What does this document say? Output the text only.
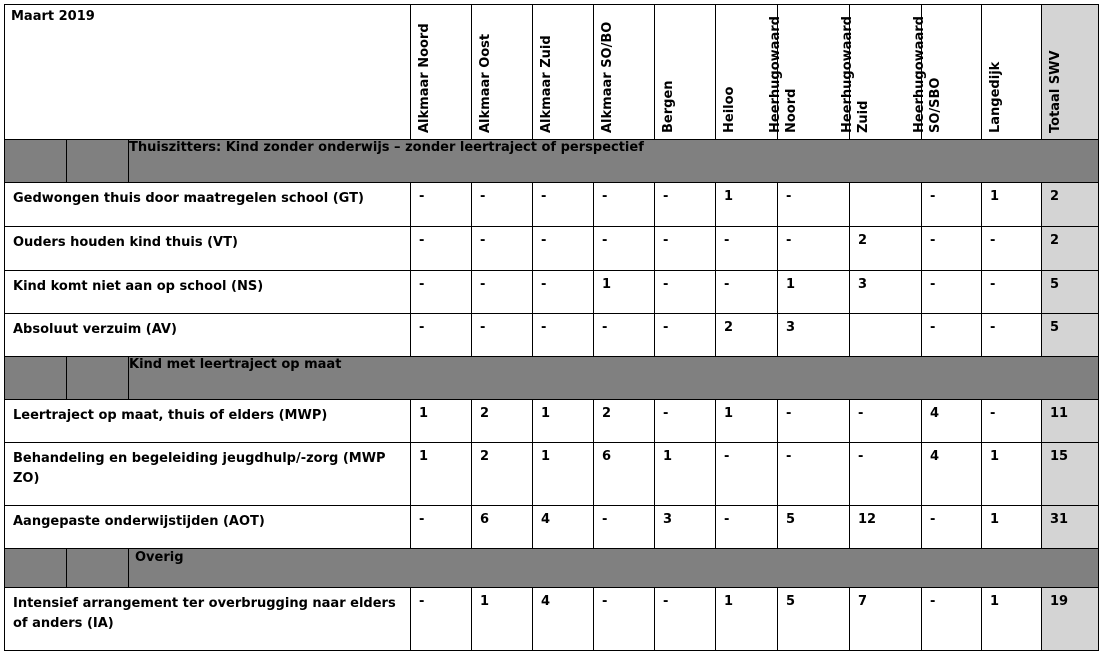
Maart 2019			Alkmaar Noord	Alkmaar Oost	Alkmaar Zuid	Alkmaar SO/BO	Bergen	Heiloo	Heerhugowaard Noord	Heerhugowaard Zuid	Heerhugowaard SO/SBO	Langedijk	Totaal SWV

		Thuiszitters: Kind zonder onderwijs – zonder leertraject of perspectief											
Gedwongen thuis door maatregelen school (GT)			-	-	-	-	-	1	-		-	1	2
Ouders houden kind thuis (VT)			-	-	-	-	-	-	-	2	-	-	2
Kind komt niet aan op school (NS)			-	-	-	1	-	-	1	3	-	-	5
Absoluut verzuim (AV)			-	-	-	-	-	2	3		-	-	5
		Kind met leertraject op maat											
Leertraject op maat, thuis of elders (MWP)			1	2	1	2	-	1	-	-	4	-	11
Behandeling en begeleiding jeugdhulp/-zorg (MWP ZO)			1	2	1	6	1	-	-	-	4	1	15
Aangepaste onderwijstijden (AOT)			-	6	4	-	3	-	5	12	-	1	31
		Overig											
Intensief arrangement ter overbrugging naar elders of anders (IA)			-	1	4	-	-	1	5	7	-	1	19
